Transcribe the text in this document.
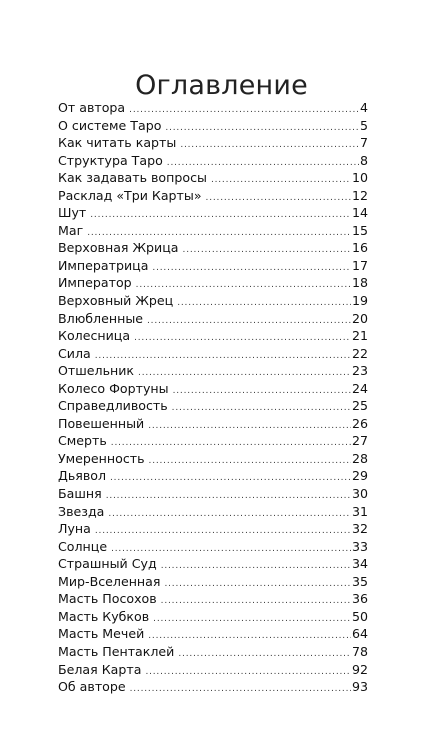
Оглавление
От автора .....	4
О системе Таро .....	5
Как читать карты .....	7
Структура Таро .....	8
Как задавать вопросы .....	10
Расклад «Три Карты» .....	12
Шут .....	14
Маг .....	15
Верховная Жрица .....	16
Императрица .....	17
Император .....	18
Верховный Жрец .....	19
Влюбленные .....	20
Колесница .....	21
Сила .....	22
Отшельник .....	23
Колесо Фортуны .....	24
Справедливость .....	25
Повешенный .....	26
Смерть .....	27
Умеренность .....	28
Дьявол .....	29
Башня .....	30
Звезда .....	31
Луна .....	32
Солнце .....	33
Страшный Суд .....	34
Мир-Вселенная .....	35
Масть Посохов .....	36
Масть Кубков .....	50
Масть Мечей .....	64
Масть Пентаклей .....	78
Белая Карта .....	92
Об авторе .....	93
